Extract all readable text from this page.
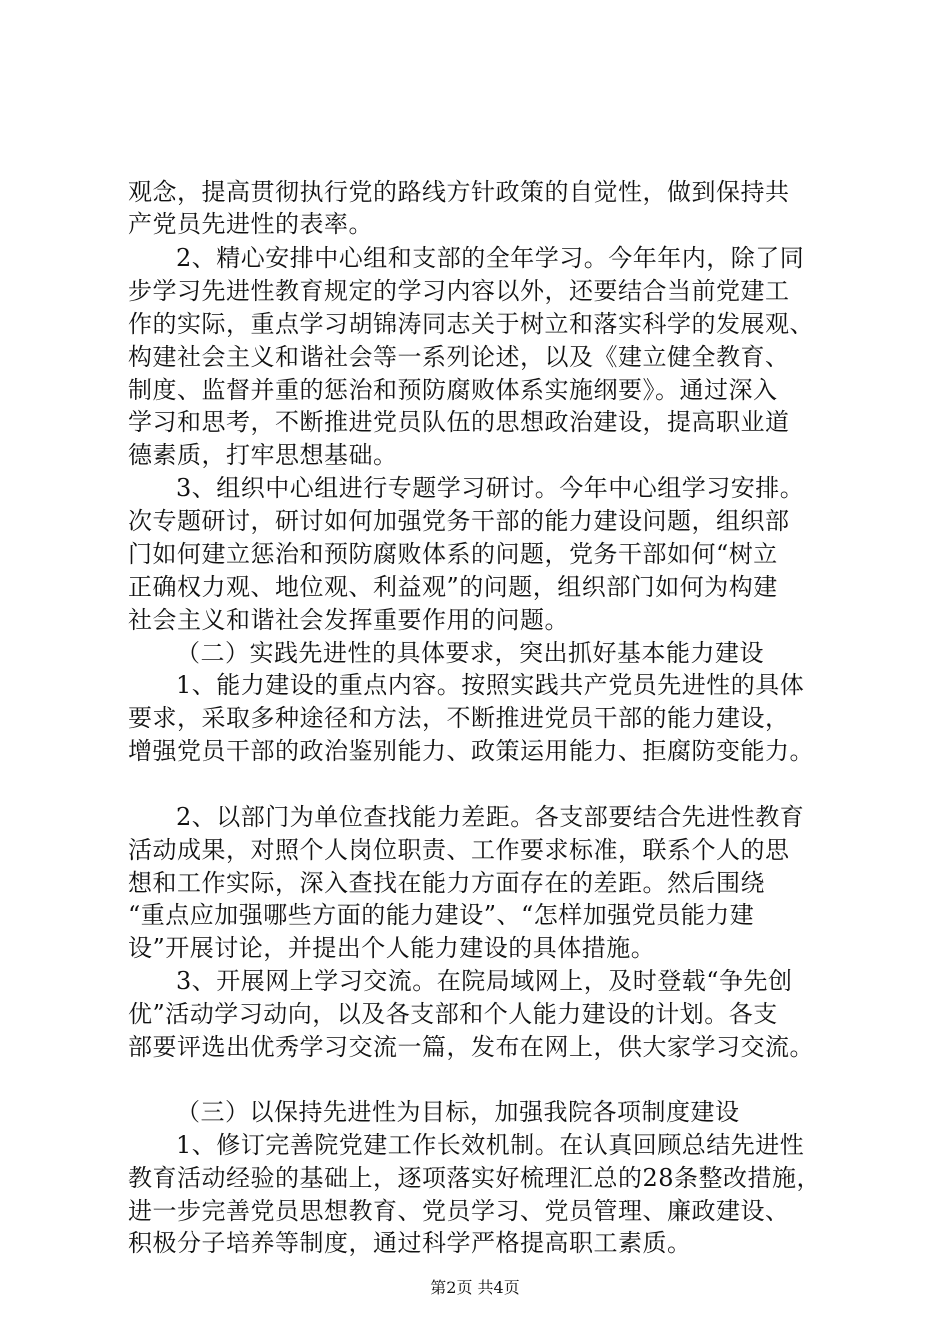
观念，提高贯彻执行党的路线方针政策的自觉性，做到保持共
产党员先进性的表率。
2、精心安排中心组和支部的全年学习。今年年内，除了同
步学习先进性教育规定的学习内容以外，还要结合当前党建工
作的实际，重点学习胡锦涛同志关于树立和落实科学的发展观、
构建社会主义和谐社会等一系列论述，以及《建立健全教育、
制度、监督并重的惩治和预防腐败体系实施纲要》。通过深入
学习和思考，不断推进党员队伍的思想政治建设，提高职业道
德素质，打牢思想基础。
3、组织中心组进行专题学习研讨。今年中心组学习安排。
次专题研讨，研讨如何加强党务干部的能力建设问题，组织部
门如何建立惩治和预防腐败体系的问题，党务干部如何“树立
正确权力观、地位观、利益观”的问题，组织部门如何为构建
社会主义和谐社会发挥重要作用的问题。
（二）实践先进性的具体要求，突出抓好基本能力建设
1、能力建设的重点内容。按照实践共产党员先进性的具体
要求，采取多种途径和方法，不断推进党员干部的能力建设，
增强党员干部的政治鉴别能力、政策运用能力、拒腐防变能力。
2、以部门为单位查找能力差距。各支部要结合先进性教育
活动成果，对照个人岗位职责、工作要求标准，联系个人的思
想和工作实际，深入查找在能力方面存在的差距。然后围绕
“重点应加强哪些方面的能力建设”、“怎样加强党员能力建
设”开展讨论，并提出个人能力建设的具体措施。
3、开展网上学习交流。在院局域网上，及时登载“争先创
优”活动学习动向，以及各支部和个人能力建设的计划。各支
部要评选出优秀学习交流一篇，发布在网上，供大家学习交流。
（三）以保持先进性为目标，加强我院各项制度建设
1、修订完善院党建工作长效机制。在认真回顾总结先进性
教育活动经验的基础上，逐项落实好梳理汇总的28条整改措施，
进一步完善党员思想教育、党员学习、党员管理、廉政建设、
积极分子培养等制度，通过科学严格提高职工素质。
第2页 共4页
